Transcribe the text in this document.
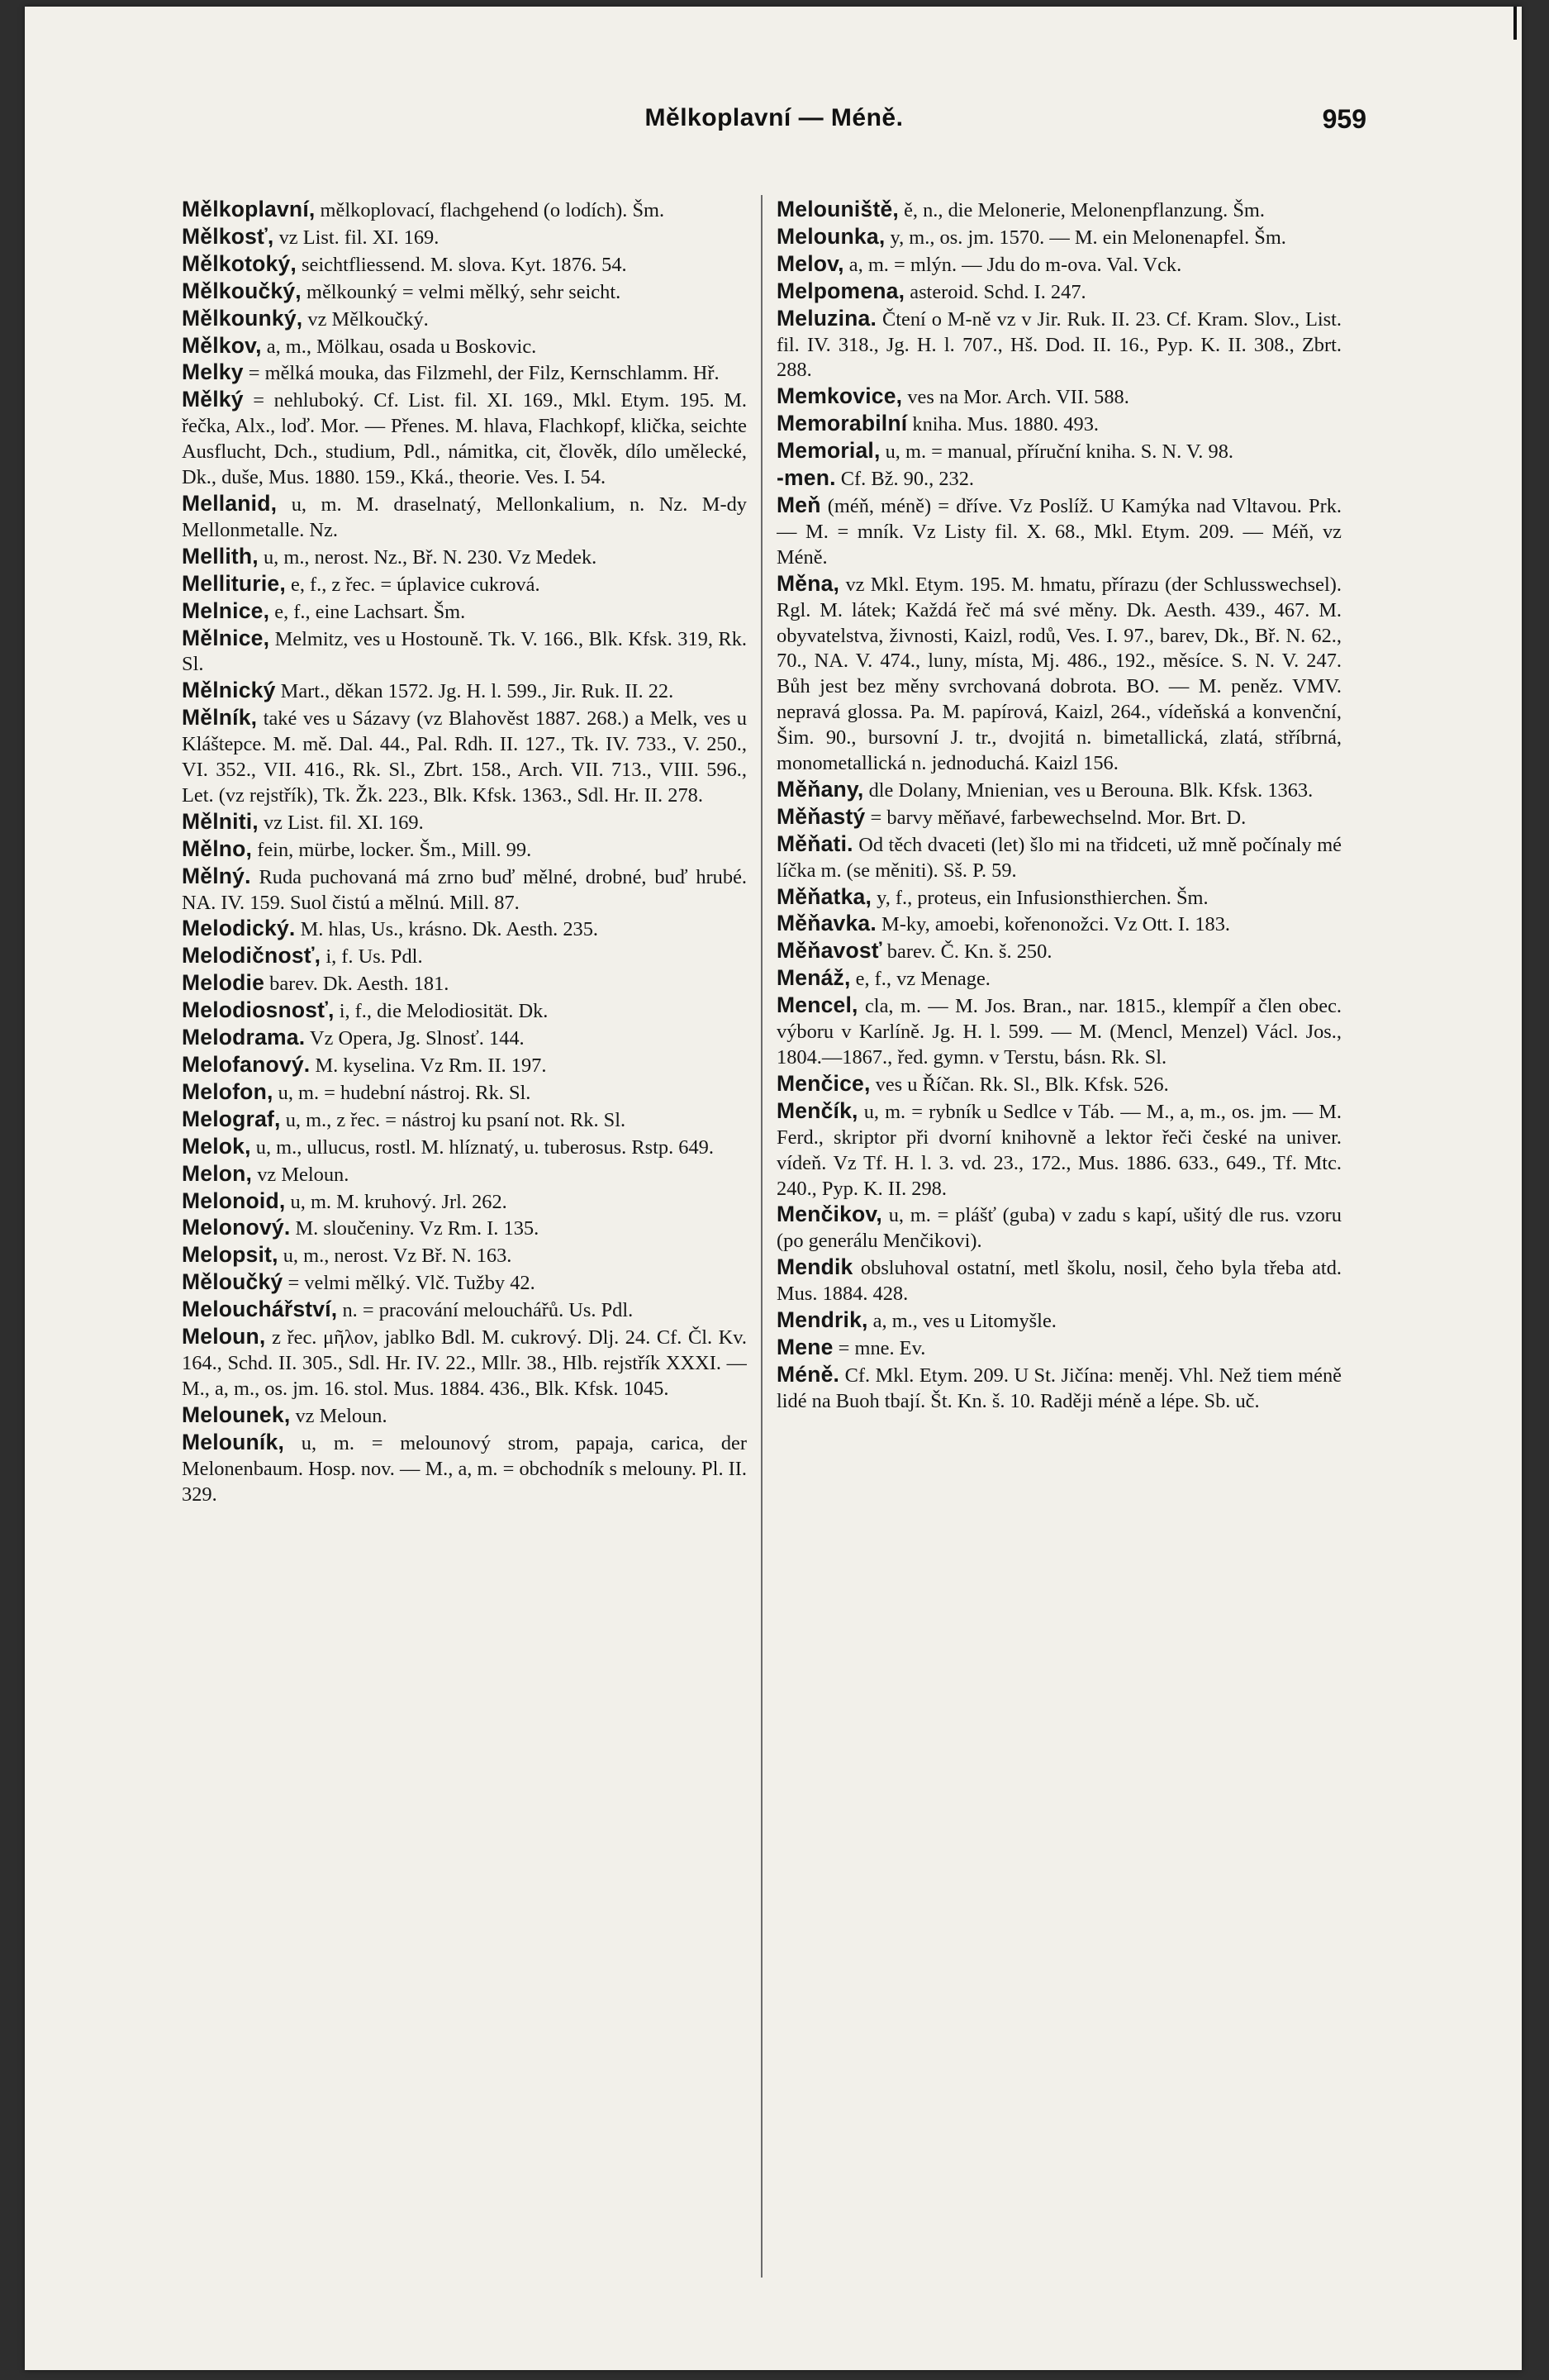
Mělkoplavní — Méně.	959

Mělkoplavní, mělkoplovací, flachgehend (o lodích). Šm.

Mělkosť, vz List. fil. XI. 169.

Mělkotoký, seichtfliessend. M. slova. Kyt. 1876. 54.

Mělkoučký, mělkounký = velmi mělký, sehr seicht.

Mělkounký, vz Mělkoučký.

Mělkov, a, m., Mölkau, osada u Boskovic.

Melky = mělká mouka, das Filzmehl, der Filz, Kernschlamm. Hř.

Mělký = nehluboký. Cf. List. fil. XI. 169., Mkl. Etym. 195. M. řečka, Alx., loď. Mor. — Přenes. M. hlava, Flachkopf, klička, seichte Ausflucht, Dch., studium, Pdl., námitka, cit, člověk, dílo umělecké, Dk., duše, Mus. 1880. 159., Kká., theorie. Ves. I. 54.

Mellanid, u, m. M. draselnatý, Mellonkalium, n. Nz. M-dy Mellonmetalle. Nz.

Mellith, u, m., nerost. Nz., Bř. N. 230. Vz Medek.

Melliturie, e, f., z řec. = úplavice cukrová.

Melnice, e, f., eine Lachsart. Šm.

Mělnice, Melmitz, ves u Hostouně. Tk. V. 166., Blk. Kfsk. 319, Rk. Sl.

Mělnický Mart., děkan 1572. Jg. H. l. 599., Jir. Ruk. II. 22.

Mělník, také ves u Sázavy (vz Blahověst 1887. 268.) a Melk, ves u Kláštерce. M. mě. Dal. 44., Pal. Rdh. II. 127., Tk. IV. 733., V. 250., VI. 352., VII. 416., Rk. Sl., Zbrt. 158., Arch. VII. 713., VIII. 596., Let. (vz rejstřík), Tk. Žk. 223., Blk. Kfsk. 1363., Sdl. Hr. II. 278.

Mělniti, vz List. fil. XI. 169.

Mělno, fein, mürbe, locker. Šm., Mill. 99.

Mělný. Ruda puchovaná má zrno buď mělné, drobné, buď hrubé. NA. IV. 159. Suol čistú a mělnú. Mill. 87.

Melodický. M. hlas, Us., krásno. Dk. Aesth. 235.

Melodičnosť, i, f. Us. Pdl.

Melodie barev. Dk. Aesth. 181.

Melodiosnosť, i, f., die Melodiosität. Dk.

Melodrama. Vz Opera, Jg. Slnosť. 144.

Melofanový. M. kyselina. Vz Rm. II. 197.

Melofon, u, m. = hudební nástroj. Rk. Sl.

Melograf, u, m., z řec. = nástroj ku psaní not. Rk. Sl.

Melok, u, m., ullucus, rostl. M. hlíznatý, u. tuberosus. Rstp. 649.

Melon, vz Meloun.

Melonoid, u, m. M. kruhový. Jrl. 262.

Melonový. M. sloučeniny. Vz Rm. I. 135.

Melopsit, u, m., nerost. Vz Bř. N. 163.

Mělоučký = velmi mělký. Vlč. Tužby 42.

Melouchářství, n. = pracování melouchářů. Us. Pdl.

Meloun, z řec. μῆλον, jablko Bdl. M. cukrový. Dlj. 24. Cf. Čl. Kv. 164., Schd. II. 305., Sdl. Hr. IV. 22., Mllr. 38., Hlb. rejstřík XXXI. — M., a, m., os. jm. 16. stol. Mus. 1884. 436., Blk. Kfsk. 1045.

Melounek, vz Meloun.

Melouník, u, m. = melounový strom, papaja, carica, der Melonenbaum. Hosp. nov. — M., a, m. = obchodník s melouny. Pl. II. 329.

Melouniště, ě, n., die Melonerie, Melonenpflanzung. Šm.

Melounka, y, m., os. jm. 1570. — M. ein Melonenapfel. Šm.

Melov, a, m. = mlýn. — Jdu do m-ova. Val. Vck.

Melpomena, asteroid. Schd. I. 247.

Meluzina. Čtení o M-ně vz v Jir. Ruk. II. 23. Cf. Kram. Slov., List. fil. IV. 318., Jg. H. l. 707., Hš. Dod. II. 16., Pyp. K. II. 308., Zbrt. 288.

Memkovice, ves na Mor. Arch. VII. 588.

Memorabilní kniha. Mus. 1880. 493.

Memorial, u, m. = manual, příruční kniha. S. N. V. 98.

-men. Cf. Bž. 90., 232.

Meň (méň, méně) = dříve. Vz Poslíž. U Kamýka nad Vltavou. Prk. — M. = mník. Vz Listy fil. X. 68., Mkl. Etym. 209. — Méň, vz Méně.

Měna, vz Mkl. Etym. 195. M. hmatu, přírazu (der Schlusswechsel). Rgl. M. látek; Každá řeč má své měny. Dk. Aesth. 439., 467. M. obyvatelstva, živnosti, Kaizl, rodů, Ves. I. 97., barev, Dk., Bř. N. 62., 70., NA. V. 474., luny, místa, Mj. 486., 192., měsíce. S. N. V. 247. Bůh jest bez měny svrchovaná dobrota. BO. — M. peněz. VMV. nepravá glossa. Pa. M. papírová, Kaizl, 264., vídeňská a konvenční, Šim. 90., bursovní J. tr., dvojitá n. bimetallická, zlatá, stříbrná, monometallická n. jednoduchá. Kaizl 156.

Měňany, dle Dolany, Mnienian, ves u Berouna. Blk. Kfsk. 1363.

Měňastý = barvy měňavé, farbewechselnd. Mor. Brt. D.

Měňati. Od těch dvaceti (let) šlo mi na třidceti, už mně počínaly mé líčka m. (se měniti). Sš. P. 59.

Měňatka, y, f., proteus, ein Infusionsthierchen. Šm.

Měňavka. M-ky, amoebi, kořenonožci. Vz Ott. I. 183.

Měňavosť barev. Č. Kn. š. 250.

Menáž, e, f., vz Menage.

Mencel, cla, m. — M. Jos. Bran., nar. 1815., klempíř a člen obec. výboru v Karlíně. Jg. H. l. 599. — M. (Mencl, Menzel) Václ. Jos., 1804.—1867., řed. gymn. v Terstu, básn. Rk. Sl.

Menčice, ves u Říčan. Rk. Sl., Blk. Kfsk. 526.

Menčík, u, m. = rybník u Sedlce v Táb. — M., a, m., os. jm. — M. Ferd., skriptor při dvorní knihovně a lektor řeči české na univer. vídeň. Vz Tf. H. l. 3. vd. 23., 172., Mus. 1886. 633., 649., Tf. Mtc. 240., Pyp. K. II. 298.

Menčikov, u, m. = plášť (guba) v zadu s kapí, ušitý dle rus. vzoru (po generálu Menčikovi).

Mendik obsluhoval ostatní, metl školu, nosil, čeho byla třeba atd. Mus. 1884. 428.

Mendrik, a, m., ves u Litomyšle.

Mene = mne. Ev.

Méně. Cf. Mkl. Etym. 209. U St. Jičína: meněj. Vhl. Než tiem méně lidé na Buoh tbají. Št. Kn. š. 10. Raději méně a lépe. Sb. uč.
